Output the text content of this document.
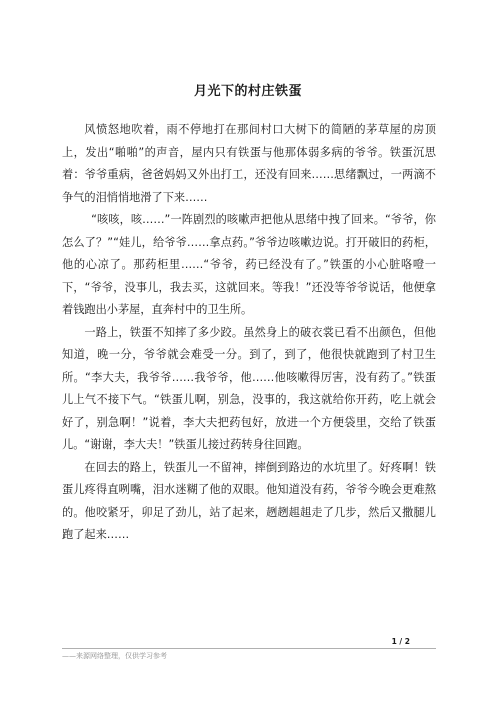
月光下的村庄铁蛋

风愤怒地吹着，雨不停地打在那间村口大树下的简陋的茅草屋的房顶上，发出“啪啪”的声音，屋内只有铁蛋与他那体弱多病的爷爷。铁蛋沉思着：爷爷重病，爸爸妈妈又外出打工，还没有回来……思绪飘过，一两滴不争气的泪悄悄地滑了下来……

“咳咳，咳……”一阵剧烈的咳嗽声把他从思绪中拽了回来。“爷爷，你怎么了？”“娃儿，给爷爷……拿点药。”爷爷边咳嗽边说。打开破旧的药柜，他的心凉了。那药柜里……“爷爷，药已经没有了。”铁蛋的小心脏咯噔一下，“爷爷，没事儿，我去买，这就回来。等我！”还没等爷爷说话，他便拿着钱跑出小茅屋，直奔村中的卫生所。

一路上，铁蛋不知摔了多少跤。虽然身上的破衣裳已看不出颜色，但他知道，晚一分，爷爷就会难受一分。到了，到了，他很快就跑到了村卫生所。“李大夫，我爷爷……我爷爷，他……他咳嗽得厉害，没有药了。”铁蛋儿上气不接下气。“铁蛋儿啊，别急，没事的，我这就给你开药，吃上就会好了，别急啊！”说着，李大夫把药包好，放进一个方便袋里，交给了铁蛋儿。“谢谢，李大夫！”铁蛋儿接过药转身往回跑。

在回去的路上，铁蛋儿一不留神，摔倒到路边的水坑里了。好疼啊！铁蛋儿疼得直咧嘴，泪水迷糊了他的双眼。他知道没有药，爷爷今晚会更难熬的。他咬紧牙，卯足了劲儿，站了起来，趔趔趄趄走了几步，然后又撒腿儿跑了起来……

1 / 2
——来源网络整理，仅供学习参考
